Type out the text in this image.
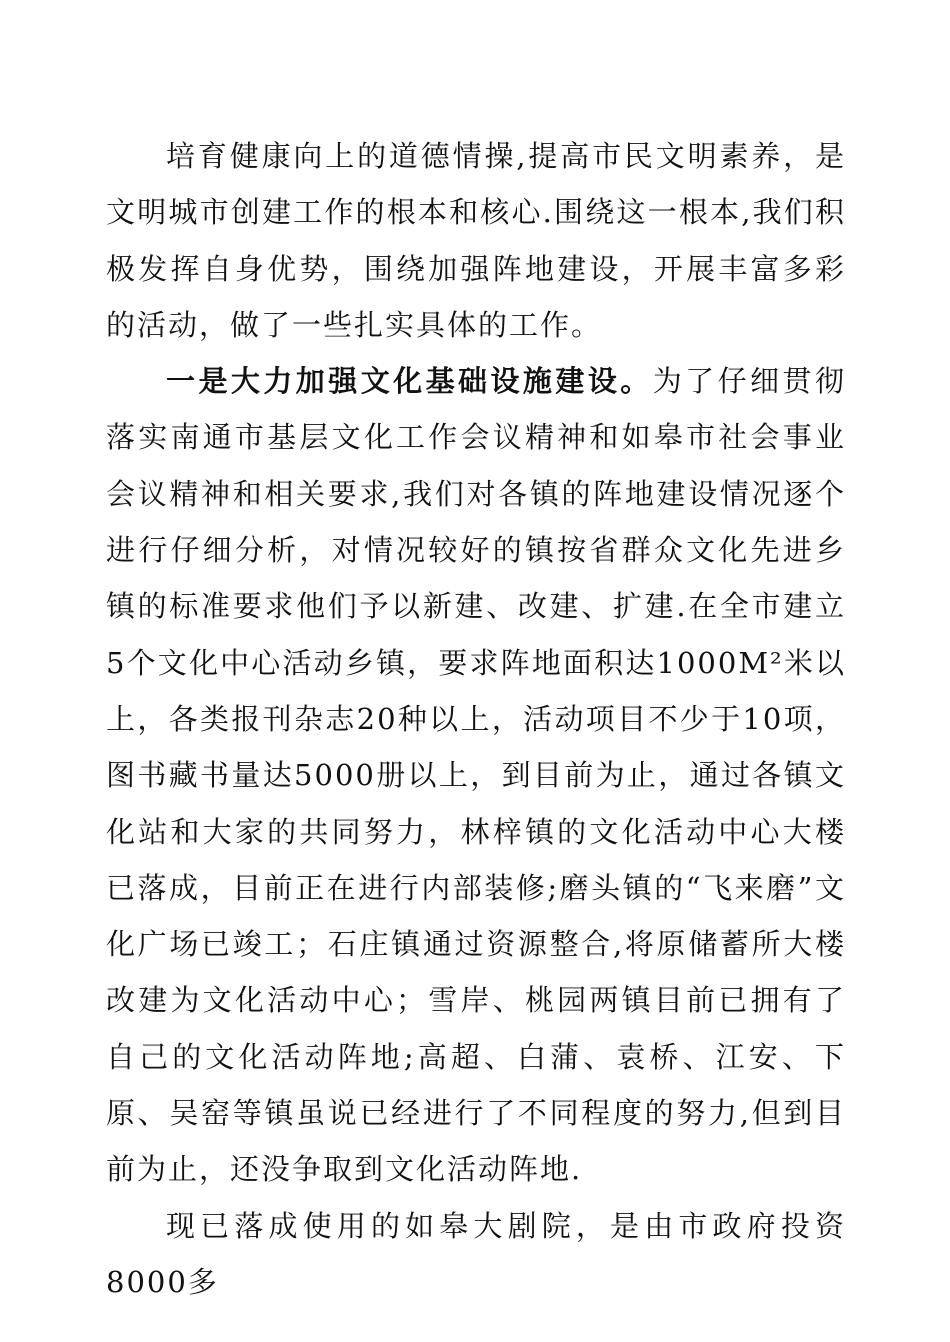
培育健康向上的道德情操,提高市民文明素养，是文明城市创建工作的根本和核心.围绕这一根本,我们积极发挥自身优势，围绕加强阵地建设，开展丰富多彩的活动，做了一些扎实具体的工作。

一是大力加强文化基础设施建设。为了仔细贯彻落实南通市基层文化工作会议精神和如皋市社会事业会议精神和相关要求,我们对各镇的阵地建设情况逐个进行仔细分析，对情况较好的镇按省群众文化先进乡镇的标准要求他们予以新建、改建、扩建.在全市建立5个文化中心活动乡镇，要求阵地面积达1000M²米以上，各类报刊杂志20种以上，活动项目不少于10项，图书藏书量达5000册以上，到目前为止，通过各镇文化站和大家的共同努力，林梓镇的文化活动中心大楼已落成，目前正在进行内部装修;磨头镇的“飞来磨”文化广场已竣工；石庄镇通过资源整合,将原储蓄所大楼改建为文化活动中心；雪岸、桃园两镇目前已拥有了自己的文化活动阵地;高超、白蒲、袁桥、江安、下原、吴窑等镇虽说已经进行了不同程度的努力,但到目前为止，还没争取到文化活动阵地.

现已落成使用的如皋大剧院，是由市政府投资8000多
